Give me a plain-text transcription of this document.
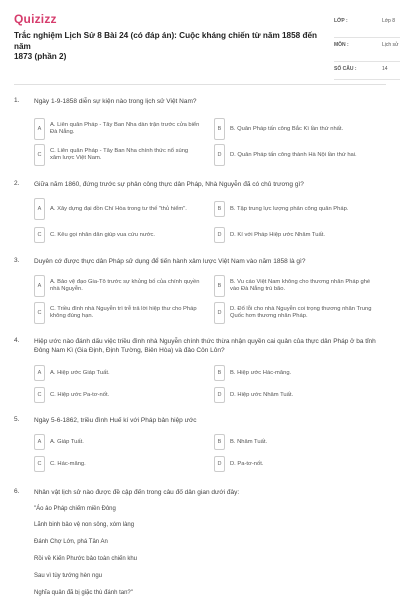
Quizizz
Trắc nghiệm Lịch Sử 8 Bài 24 (có đáp án): Cuộc kháng chiến từ năm 1858 đến năm
1873 (phần 2)
LỚP :	Lớp 8
MÔN :	Lịch sử
SỐ CÂU :	14
1. Ngày 1-9-1858 diễn sự kiện nào trong lịch sử Việt Nam?
A
A. Liên quân Pháp - Tây Ban Nha dàn trận trước cửa biển Đà Nẵng.	B	B. Quân Pháp tấn công Bắc Kì lần thứ nhất.
C
C. Liên quân Pháp - Tây Ban Nha chính thức nổ súng xâm lược Việt Nam.	D	D. Quân Pháp tấn công thành Hà Nội lần thứ hai.
2. Giữa năm 1860, đứng trước sự phản công thực dân Pháp, Nhà Nguyễn đã có chủ trương gì?
A	A. Xây dựng đại đồn Chí Hòa trong tư thế "thủ hiểm".	B	B. Tập trung lực lượng phản công quân Pháp.
C	C. Kêu gọi nhân dân giúp vua cứu nước.	D	D. Kí với Pháp Hiệp ước Nhâm Tuất.
3. Duyên cớ được thực dân Pháp sử dụng để tiến hành xâm lược Việt Nam vào năm 1858 là gì?
A
A. Bảo vệ đạo Gia-Tô trước sự khủng bố của chính quyền nhà Nguyễn.	B
B. Vu cáo Việt Nam không cho thương nhân Pháp ghé vào Đà Nẵng trú bão.
C
C. Triều đình nhà Nguyễn trì trễ trả lời hiệp thư cho Pháp không đúng hạn.	D
D. Đổ lỗi cho nhà Nguyễn coi trọng thương nhân Trung Quốc hơn thương nhân Pháp.
4. Hiệp ước nào đánh dấu việc triều đình nhà Nguyễn chính thức thừa nhận quyền cai quản của thực dân Pháp ở ba tỉnh Đông Nam Kì (Gia Định, Định Tường, Biên Hòa) và đảo Côn Lôn?
A	A. Hiệp ước Giáp Tuất.	B	B. Hiệp ước Hác-măng.
C	C. Hiệp ước Pa-tơ-nốt.	D	D. Hiệp ước Nhâm Tuất.
5. Ngày 5-6-1862, triều đình Huế kí với Pháp bản hiệp ước
A	A. Giáp Tuất.	B	B. Nhâm Tuất.
C	C. Hác-măng.	D	D. Pa-tơ-nốt.
6. Nhân vật lịch sử nào được đề cập đến trong câu đố dân gian dưới đây:
"Áo ảo Pháp chiếm miền Đông
Lãnh binh bảo vệ non sông, xóm làng
Đánh Chợ Lớn, phá Tân An
Rồi về Kiến Phước bảo toàn chiến khu
Sau vì tùy tướng hèn ngu
Nghĩa quân đã bị giặc thù đánh tan?"
